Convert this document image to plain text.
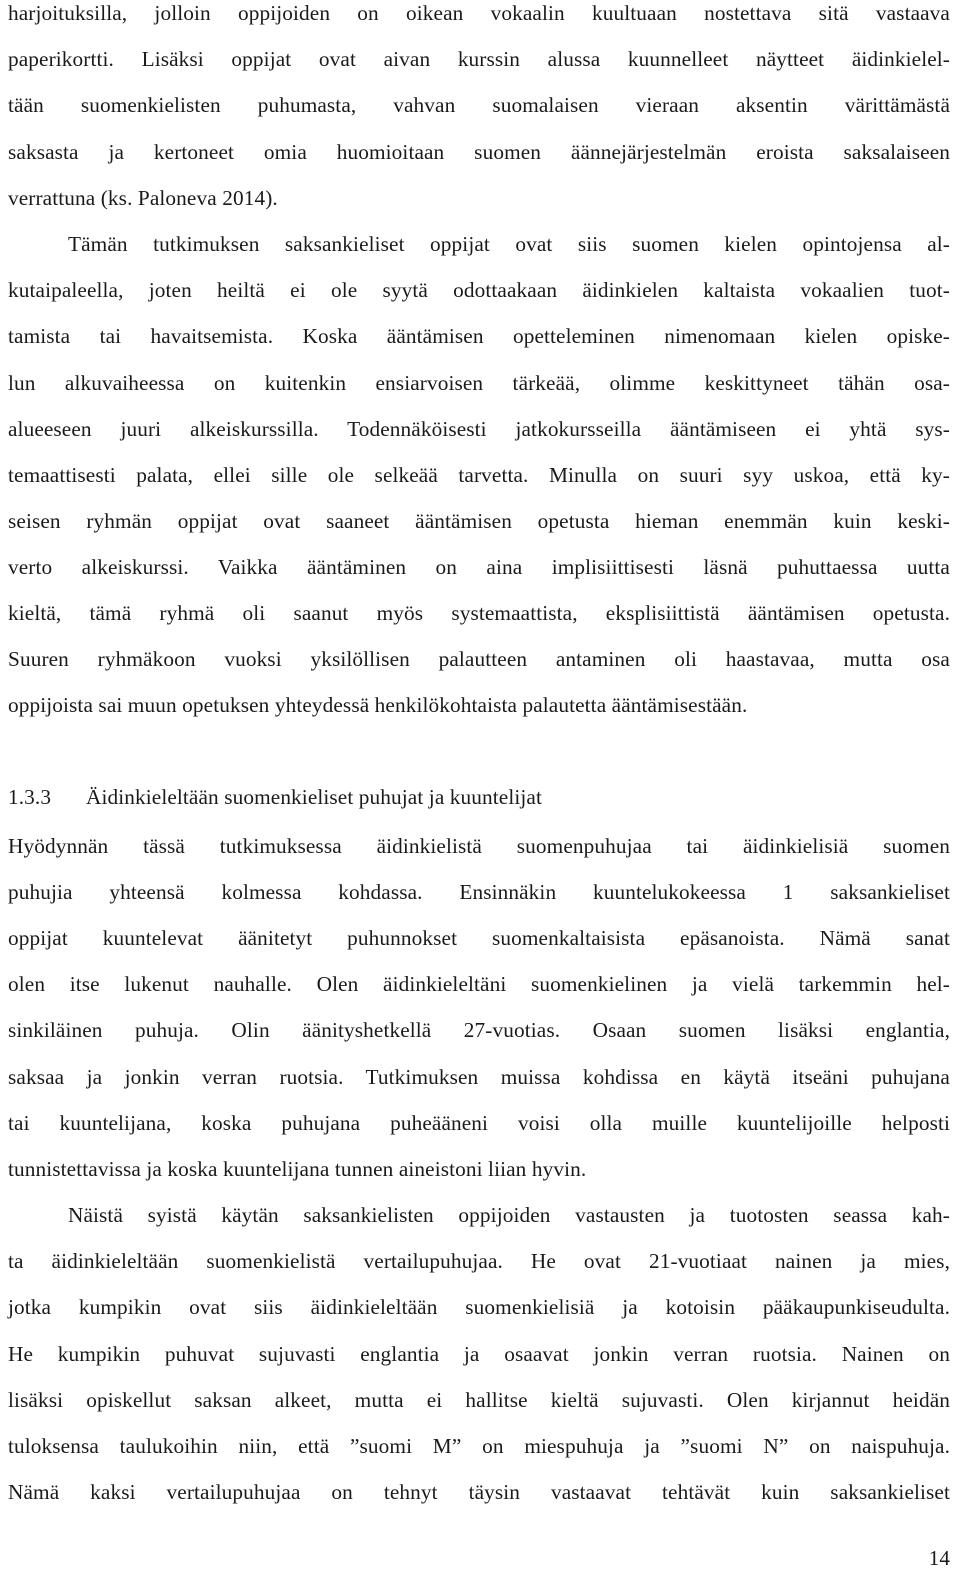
harjoituksilla, jolloin oppijoiden on oikean vokaalin kuultuaan nostettava sitä vastaava
paperikortti. Lisäksi oppijat ovat aivan kurssin alussa kuunnelleet näytteet äidinkielel-
tään suomenkielisten puhumasta, vahvan suomalaisen vieraan aksentin värittämästä
saksasta ja kertoneet omia huomioitaan suomen äännejärjestelmän eroista saksalaiseen
verrattuna (ks. Paloneva 2014).
Tämän tutkimuksen saksankieliset oppijat ovat siis suomen kielen opintojensa al-
kutaipaleella, joten heiltä ei ole syytä odottaakaan äidinkielen kaltaista vokaalien tuot-
tamista tai havaitsemista. Koska ääntämisen opetteleminen nimenomaan kielen opiske-
lun alkuvaiheessa on kuitenkin ensiarvoisen tärkeää, olimme keskittyneet tähän osa-
alueeseen juuri alkeiskurssilla. Todennäköisesti jatkokursseilla ääntämiseen ei yhtä sys-
temaattisesti palata, ellei sille ole selkeää tarvetta. Minulla on suuri syy uskoa, että ky-
seisen ryhmän oppijat ovat saaneet ääntämisen opetusta hieman enemmän kuin keski-
verto alkeiskurssi. Vaikka ääntäminen on aina implisiittisesti läsnä puhuttaessa uutta
kieltä, tämä ryhmä oli saanut myös systemaattista, eksplisiittistä ääntämisen opetusta.
Suuren ryhmäkoon vuoksi yksilöllisen palautteen antaminen oli haastavaa, mutta osa
oppijoista sai muun opetuksen yhteydessä henkilökohtaista palautetta ääntämisestään.
1.3.3 Äidinkieleltään suomenkieliset puhujat ja kuuntelijat
Hyödynnän tässä tutkimuksessa äidinkielistä suomenpuhujaa tai äidinkielisiä suomen
puhujia yhteensä kolmessa kohdassa. Ensinnäkin kuuntelukokeessa 1 saksankieliset
oppijat kuuntelevat äänitetyt puhunnokset suomenkaltaisista epäsanoista. Nämä sanat
olen itse lukenut nauhalle. Olen äidinkieleltäni suomenkielinen ja vielä tarkemmin hel-
sinkiläinen puhuja. Olin äänityshetkellä 27-vuotias. Osaan suomen lisäksi englantia,
saksaa ja jonkin verran ruotsia. Tutkimuksen muissa kohdissa en käytä itseäni puhujana
tai kuuntelijana, koska puhujana puheääneni voisi olla muille kuuntelijoille helposti
tunnistettavissa ja koska kuuntelijana tunnen aineistoni liian hyvin.
Näistä syistä käytän saksankielisten oppijoiden vastausten ja tuotosten seassa kah-
ta äidinkieleltään suomenkielistä vertailupuhujaa. He ovat 21-vuotiaat nainen ja mies,
jotka kumpikin ovat siis äidinkieleltään suomenkielisiä ja kotoisin pääkaupunkiseudulta.
He kumpikin puhuvat sujuvasti englantia ja osaavat jonkin verran ruotsia. Nainen on
lisäksi opiskellut saksan alkeet, mutta ei hallitse kieltä sujuvasti. Olen kirjannut heidän
tuloksensa taulukoihin niin, että ”suomi M” on miespuhuja ja ”suomi N” on naispuhuja.
Nämä kaksi vertailupuhujaa on tehnyt täysin vastaavat tehtävät kuin saksankieliset
14
